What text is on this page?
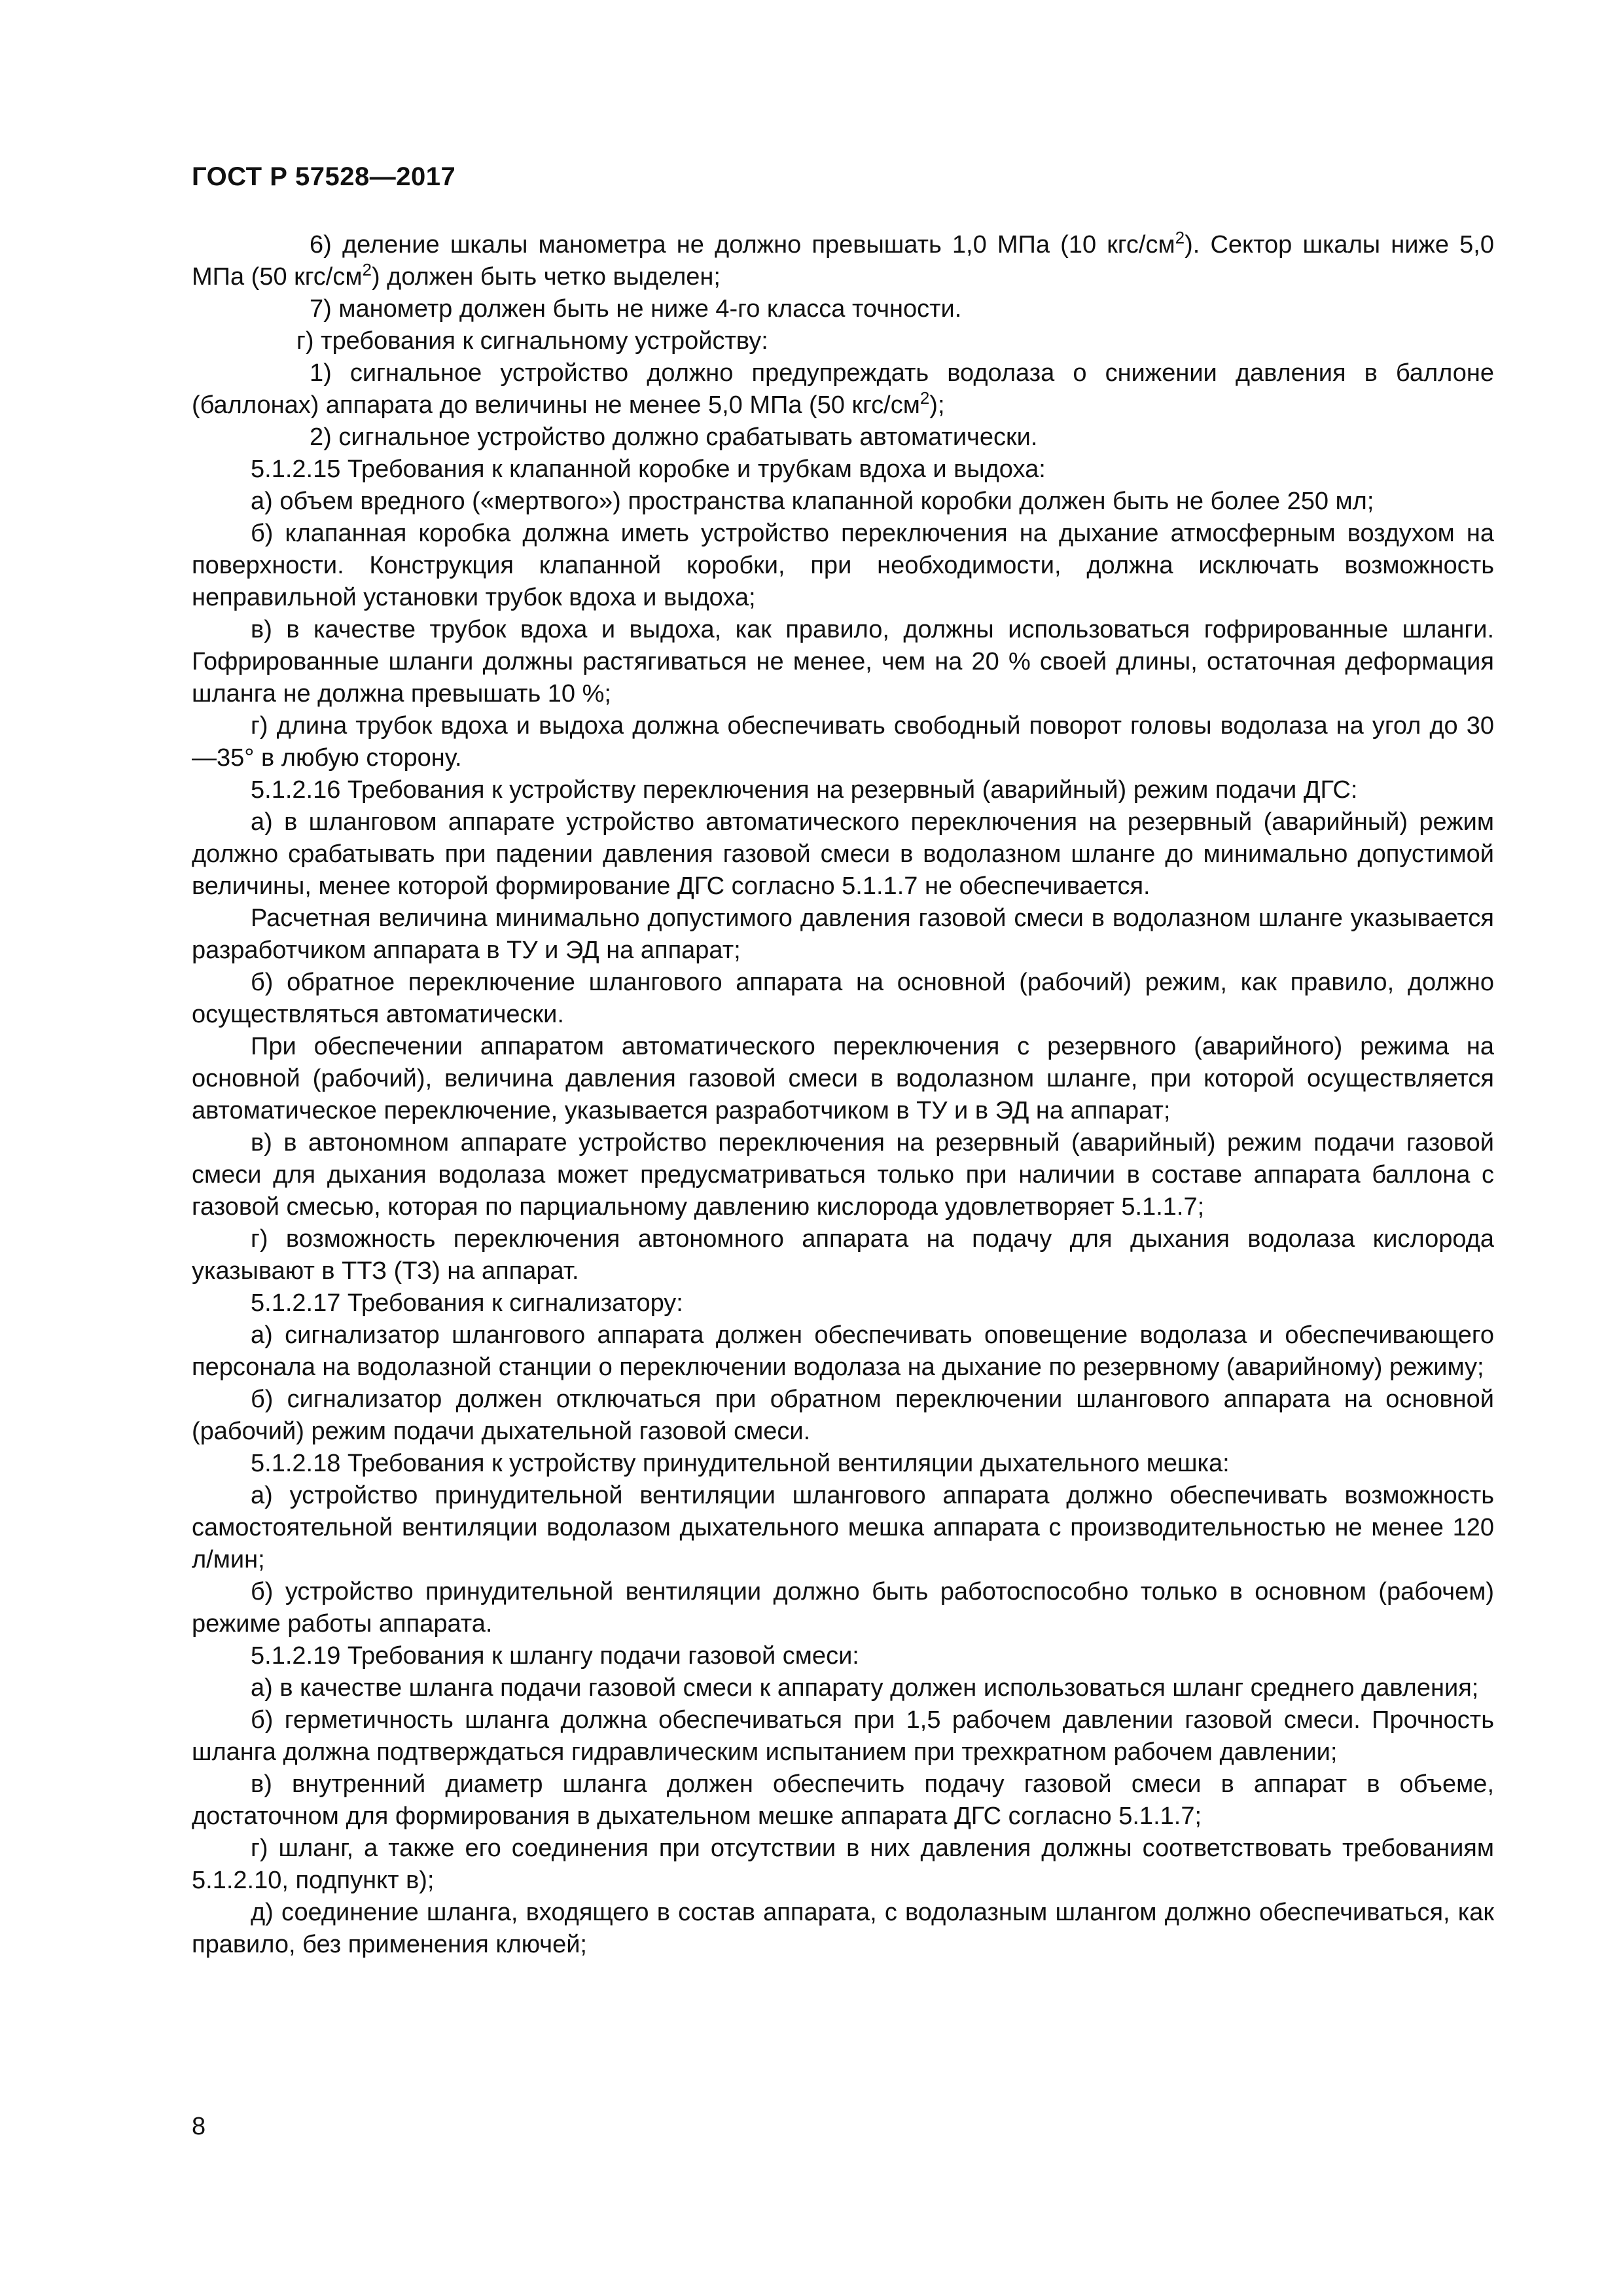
ГОСТ Р 57528—2017

6) деление шкалы манометра не должно превышать 1,0 МПа (10 кгс/$см^2$). Сектор шкалы ниже 5,0 МПа (50 кгс/$см^2$) должен быть четко выделен;

7) манометр должен быть не ниже 4-го класса точности.

г) требования к сигнальному устройству:

1) сигнальное устройство должно предупреждать водолаза о снижении давления в баллоне (баллонах) аппарата до величины не менее 5,0 МПа (50 кгс/$см^2$);

2) сигнальное устройство должно срабатывать автоматически.

5.1.2.15 Требования к клапанной коробке и трубкам вдоха и выдоха:

а) объем вредного («мертвого») пространства клапанной коробки должен быть не более 250 мл;

б) клапанная коробка должна иметь устройство переключения на дыхание атмосферным воздухом на поверхности. Конструкция клапанной коробки, при необходимости, должна исключать возможность неправильной установки трубок вдоха и выдоха;

в) в качестве трубок вдоха и выдоха, как правило, должны использоваться гофрированные шланги. Гофрированные шланги должны растягиваться не менее, чем на 20 % своей длины, остаточная деформация шланга не должна превышать 10 %;

г) длина трубок вдоха и выдоха должна обеспечивать свободный поворот головы водолаза на угол до 30—35° в любую сторону.

5.1.2.16 Требования к устройству переключения на резервный (аварийный) режим подачи ДГС:

а) в шланговом аппарате устройство автоматического переключения на резервный (аварийный) режим должно срабатывать при падении давления газовой смеси в водолазном шланге до минимально допустимой величины, менее которой формирование ДГС согласно 5.1.1.7 не обеспечивается.

Расчетная величина минимально допустимого давления газовой смеси в водолазном шланге указывается разработчиком аппарата в ТУ и ЭД на аппарат;

б) обратное переключение шлангового аппарата на основной (рабочий) режим, как правило, должно осуществляться автоматически.

При обеспечении аппаратом автоматического переключения с резервного (аварийного) режима на основной (рабочий), величина давления газовой смеси в водолазном шланге, при которой осуществляется автоматическое переключение, указывается разработчиком в ТУ и в ЭД на аппарат;

в) в автономном аппарате устройство переключения на резервный (аварийный) режим подачи газовой смеси для дыхания водолаза может предусматриваться только при наличии в составе аппарата баллона с газовой смесью, которая по парциальному давлению кислорода удовлетворяет 5.1.1.7;

г) возможность переключения автономного аппарата на подачу для дыхания водолаза кислорода указывают в ТТЗ (ТЗ) на аппарат.

5.1.2.17 Требования к сигнализатору:

а) сигнализатор шлангового аппарата должен обеспечивать оповещение водолаза и обеспечивающего персонала на водолазной станции о переключении водолаза на дыхание по резервному (аварийному) режиму;

б) сигнализатор должен отключаться при обратном переключении шлангового аппарата на основной (рабочий) режим подачи дыхательной газовой смеси.

5.1.2.18 Требования к устройству принудительной вентиляции дыхательного мешка:

а) устройство принудительной вентиляции шлангового аппарата должно обеспечивать возможность самостоятельной вентиляции водолазом дыхательного мешка аппарата с производительностью не менее 120 л/мин;

б) устройство принудительной вентиляции должно быть работоспособно только в основном (рабочем) режиме работы аппарата.

5.1.2.19 Требования к шлангу подачи газовой смеси:

а) в качестве шланга подачи газовой смеси к аппарату должен использоваться шланг среднего давления;

б) герметичность шланга должна обеспечиваться при 1,5 рабочем давлении газовой смеси. Прочность шланга должна подтверждаться гидравлическим испытанием при трехкратном рабочем давлении;

в) внутренний диаметр шланга должен обеспечить подачу газовой смеси в аппарат в объеме, достаточном для формирования в дыхательном мешке аппарата ДГС согласно 5.1.1.7;

г) шланг, а также его соединения при отсутствии в них давления должны соответствовать требованиям 5.1.2.10, подпункт в);

д) соединение шланга, входящего в состав аппарата, с водолазным шлангом должно обеспечиваться, как правило, без применения ключей;

8
